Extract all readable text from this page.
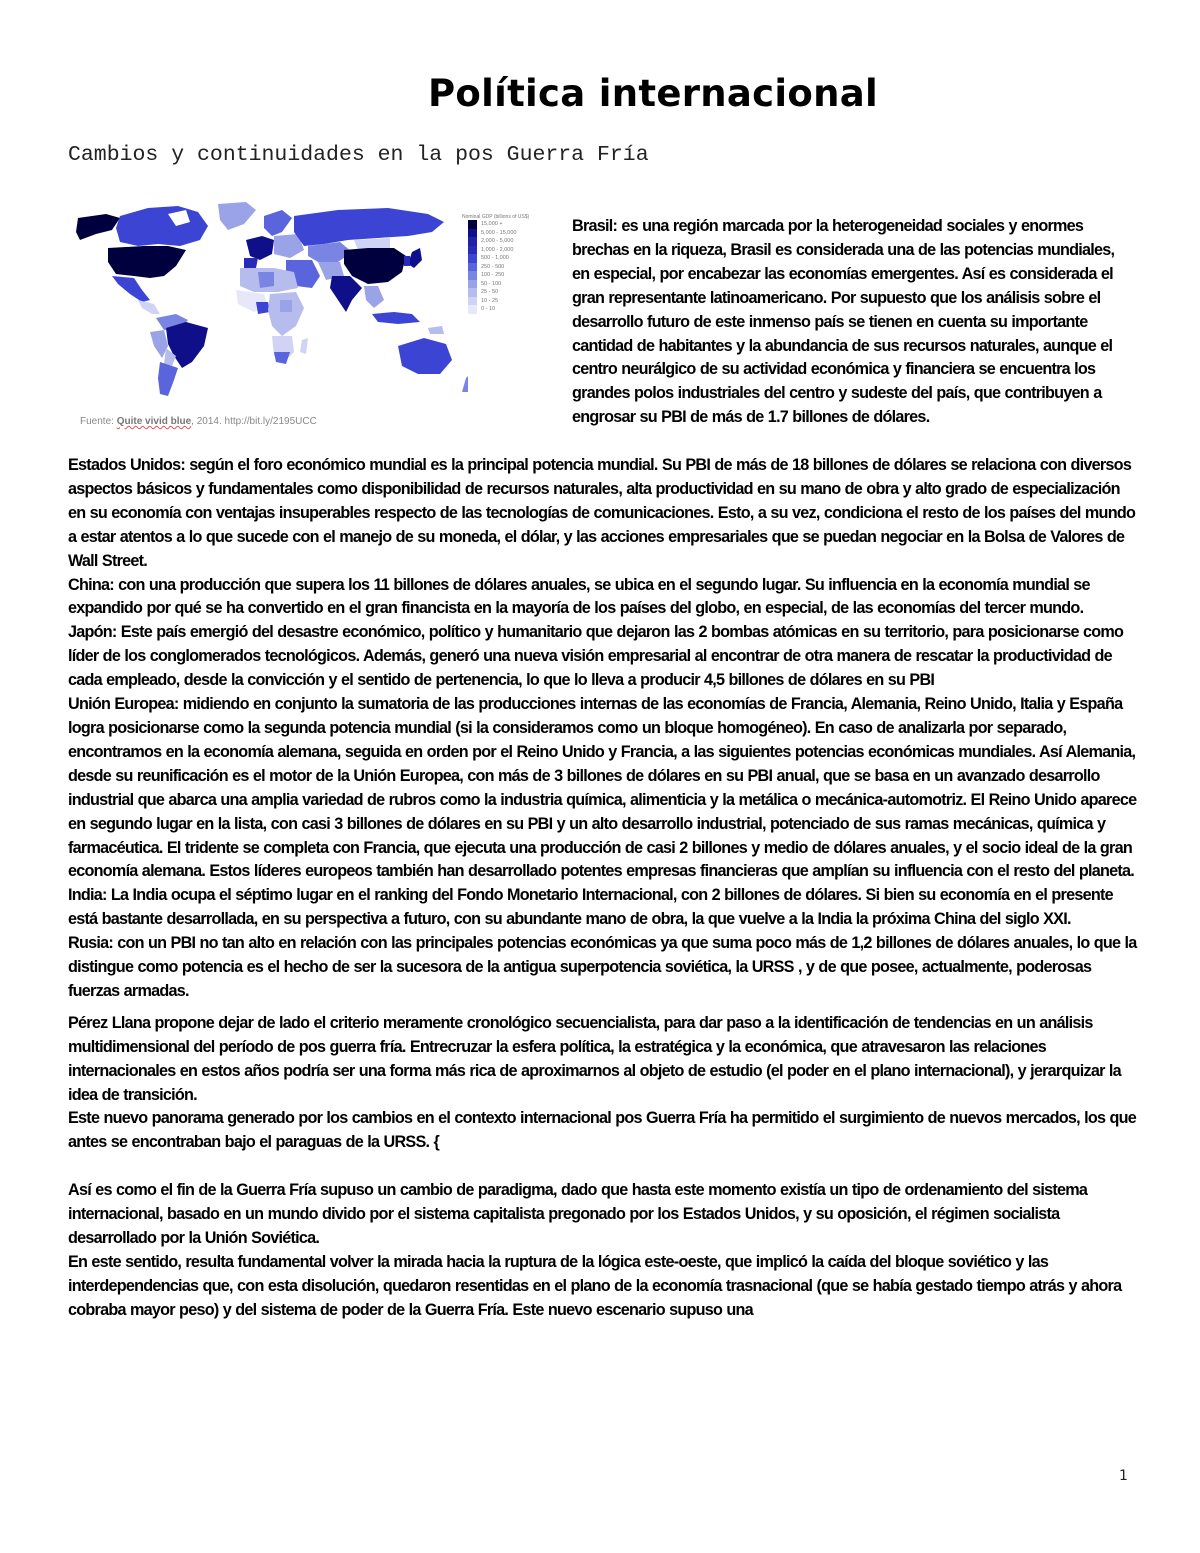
Política internacional
Cambios y continuidades en la pos Guerra Fría
Nominal GDP (billions of US$)
15,000 +
5,000 - 15,000
2,000 - 5,000
1,000 - 2,000
500 - 1,000
250 - 500
100 - 250
50 - 100
25 - 50
10 - 25
0 - 10
Fuente: Quite vivid blue, 2014. http://bit.ly/2195UCC
Brasil: es una región marcada por la heterogeneidad sociales y enormes brechas en la riqueza, Brasil es considerada una de las potencias mundiales, en especial, por encabezar las economías emergentes. Así es considerada el gran representante latinoamericano. Por supuesto que los análisis sobre el desarrollo futuro de este inmenso país se tienen en cuenta su importante cantidad de habitantes y la abundancia de sus recursos naturales, aunque el centro neurálgico de su actividad económica y financiera se encuentra los grandes polos industriales del centro y sudeste del país, que contribuyen a engrosar su PBI de más de 1.7 billones de dólares.

Estados Unidos: según el foro económico mundial es la principal potencia mundial. Su PBI de más de 18 billones de dólares se relaciona con diversos aspectos básicos y fundamentales como disponibilidad de recursos naturales, alta productividad en su mano de obra y alto grado de especialización en su economía con ventajas insuperables respecto de las tecnologías de comunicaciones. Esto, a su vez, condiciona el resto de los países del mundo a estar atentos a lo que sucede con el manejo de su moneda, el dólar, y las acciones empresariales que se puedan negociar en la Bolsa de Valores de Wall Street.

China: con una producción que supera los 11 billones de dólares anuales, se ubica en el segundo lugar. Su influencia en la economía mundial se expandido por qué se ha convertido en el gran financista en la mayoría de los países del globo, en especial, de las economías del tercer mundo.

Japón: Este país emergió del desastre económico, político y humanitario que dejaron las 2 bombas atómicas en su territorio, para posicionarse como líder de los conglomerados tecnológicos. Además, generó una nueva visión empresarial al encontrar de otra manera de rescatar la productividad de cada empleado, desde la convicción y el sentido de pertenencia, lo que lo lleva a producir 4,5 billones de dólares en su PBI

Unión Europea: midiendo en conjunto la sumatoria de las producciones internas de las economías de Francia, Alemania, Reino Unido, Italia y España logra posicionarse como la segunda potencia mundial (si la consideramos como un bloque homogéneo). En caso de analizarla por separado, encontramos en la economía alemana, seguida en orden por el Reino Unido y Francia, a las siguientes potencias económicas mundiales. Así Alemania, desde su reunificación es el motor de la Unión Europea, con más de 3 billones de dólares en su PBI anual, que se basa en un avanzado desarrollo industrial que abarca una amplia variedad de rubros como la industria química, alimenticia y la metálica o mecánica-automotriz. El Reino Unido aparece en segundo lugar en la lista, con casi 3 billones de dólares en su PBI y un alto desarrollo industrial, potenciado de sus ramas mecánicas, química y farmacéutica. El tridente se completa con Francia, que ejecuta una producción de casi 2 billones y medio de dólares anuales, y el socio ideal de la gran economía alemana. Estos líderes europeos también han desarrollado potentes empresas financieras que amplían su influencia con el resto del planeta.

India: La India ocupa el séptimo lugar en el ranking del Fondo Monetario Internacional, con 2 billones de dólares. Si bien su economía en el presente está bastante desarrollada, en su perspectiva a futuro, con su abundante mano de obra, la que vuelve a la India la próxima China del siglo XXI.

Rusia: con un PBI no tan alto en relación con las principales potencias económicas ya que suma poco más de 1,2 billones de dólares anuales, lo que la distingue como potencia es el hecho de ser la sucesora de la antigua superpotencia soviética, la URSS , y de que posee, actualmente, poderosas fuerzas armadas.

Pérez Llana propone dejar de lado el criterio meramente cronológico secuencialista, para dar paso a la identificación de tendencias en un análisis multidimensional del período de pos guerra fría. Entrecruzar la esfera política, la estratégica y la económica, que atravesaron las relaciones internacionales en estos años podría ser una forma más rica de aproximarnos al objeto de estudio (el poder en el plano internacional), y jerarquizar la idea de transición.

Este nuevo panorama generado por los cambios en el contexto internacional pos Guerra Fría ha permitido el surgimiento de nuevos mercados, los que antes se encontraban bajo el paraguas de la URSS. {

Así es como el fin de la Guerra Fría supuso un cambio de paradigma, dado que hasta este momento existía un tipo de ordenamiento del sistema internacional, basado en un mundo divido por el sistema capitalista pregonado por los Estados Unidos, y su oposición, el régimen socialista desarrollado por la Unión Soviética.

En este sentido, resulta fundamental volver la mirada hacia la ruptura de la lógica este-oeste, que implicó la caída del bloque soviético y las interdependencias que, con esta disolución, quedaron resentidas en el plano de la economía trasnacional (que se había gestado tiempo atrás y ahora cobraba mayor peso) y del sistema de poder de la Guerra Fría. Este nuevo escenario supuso una

1
